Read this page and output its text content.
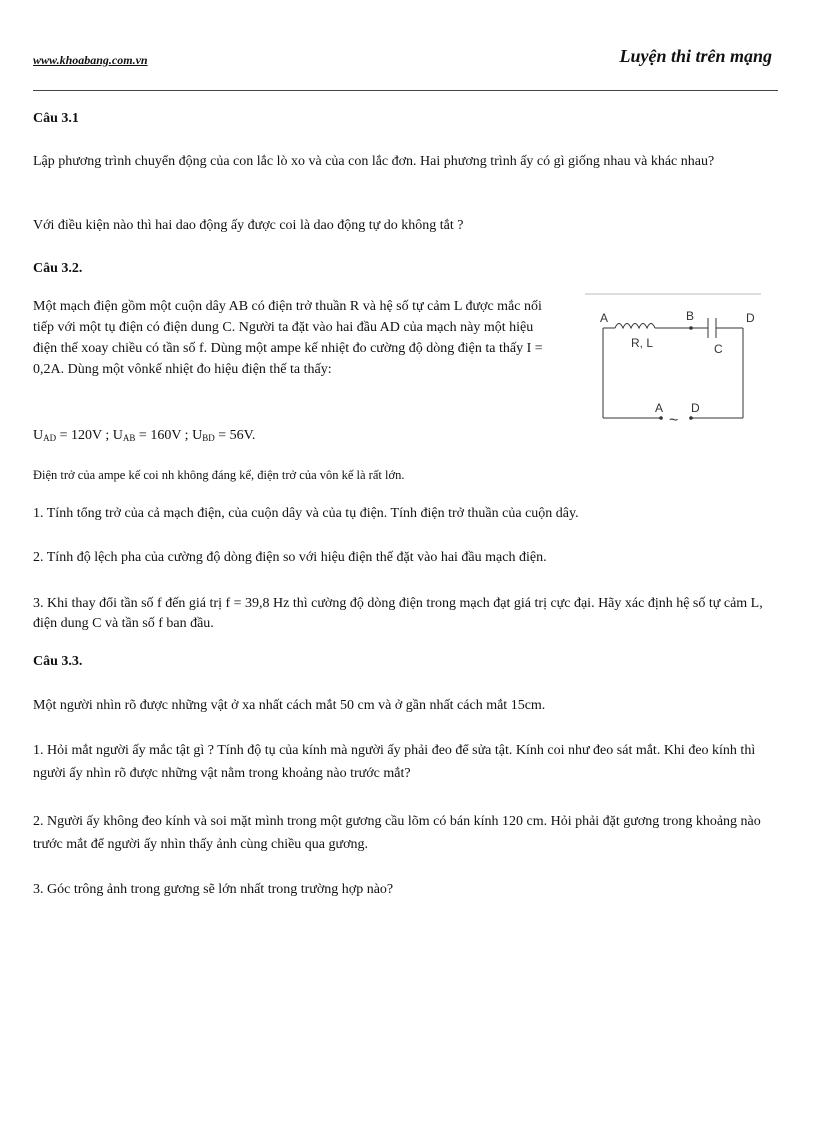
www.khoabang.com.vn	Luyện thi trên mạng
Câu 3.1
Lập phương trình chuyển động của con lắc lò xo và của con lắc đơn. Hai phương trình ấy có gì giống nhau và khác nhau?
Với điều kiện nào thì hai dao động ấy được coi là dao động tự do không tắt ?
Câu 3.2.
Một mạch điện gồm một cuộn dây AB có điện trở thuần R và hệ số tự cảm L được mắc nối tiếp với một tụ điện có điện dung C. Người ta đặt vào hai đầu AD của mạch này một hiệu điện thế xoay chiều có tần số f. Dùng một ampe kế nhiệt đo cường độ dòng điện ta thấy I = 0,2A. Dùng một vônkế nhiệt đo hiệu điện thế ta thấy:
$U_{AD} = 120V$ ; $U_{AB} = 160V$ ; $U_{BD} = 56V$.
Điện trở của ampe kế coi nh không đáng kể, điện trở của vôn kế là rất lớn.
1. Tính tổng trở của cả mạch điện, của cuộn dây và của tụ điện. Tính điện trở thuần của cuộn dây.
2. Tính độ lệch pha của cường độ dòng điện so với hiệu điện thế đặt vào hai đầu mạch điện.
3. Khi thay đổi tần số f đến giá trị f = 39,8 Hz thì cường độ dòng điện trong mạch đạt giá trị cực đại. Hãy xác định hệ số tự cảm L, điện dung C và tần số f ban đầu.
A	B	D
R, L	C
A D
~
Câu 3.3.
Một người nhìn rõ được những vật ở xa nhất cách mắt 50 cm và ở gần nhất cách mắt 15cm.
1. Hỏi mắt người ấy mắc tật gì ? Tính độ tụ của kính mà người ấy phải đeo để sửa tật. Kính coi như đeo sát mắt. Khi đeo kính thì người ấy nhìn rõ được những vật nằm trong khoảng nào trước mắt?
2. Người ấy không đeo kính và soi mặt mình trong một gương cầu lõm có bán kính 120 cm. Hỏi phải đặt gương trong khoảng nào trước mắt để người ấy nhìn thấy ảnh cùng chiều qua gương.
3. Góc trông ảnh trong gương sẽ lớn nhất trong trường hợp nào?
